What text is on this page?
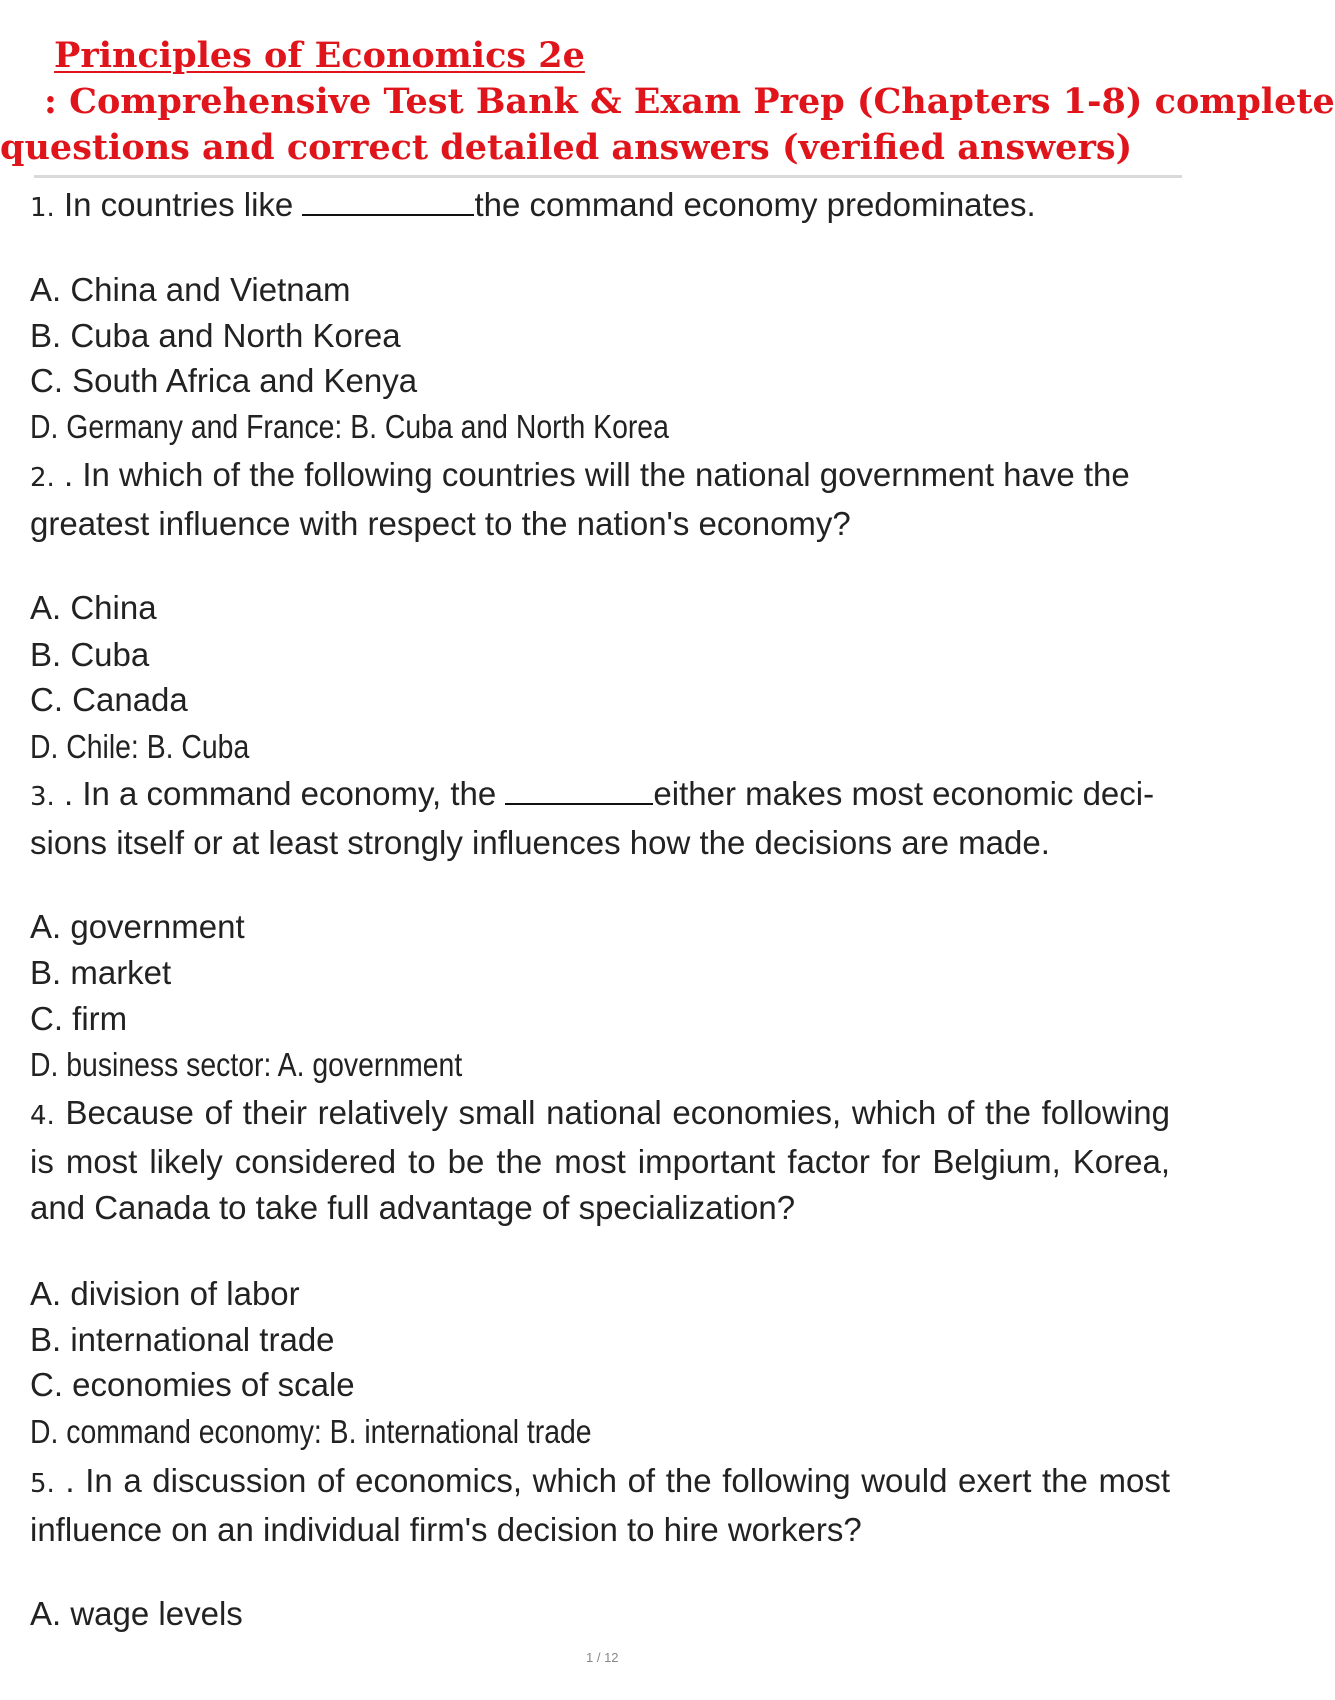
Principles of Economics 2e
: Comprehensive Test Bank & Exam Prep (Chapters 1-8) complete
questions and correct detailed answers (verified answers)
1. In countries like	the command economy predominates.
A. China and Vietnam
B. Cuba and North Korea
C. South Africa and Kenya
D. Germany and France: B. Cuba and North Korea
2. . In which of the following countries will the national government have the greatest influence with respect to the nation's economy?
A. China
B. Cuba
C. Canada
D. Chile: B. Cuba
3. . In a command economy, the	either makes most economic deci- sions itself or at least strongly influences how the decisions are made.
A. government
B. market
C. firm
D. business sector: A. government
4. Because of their relatively small national economies, which of the following is most likely considered to be the most important factor for Belgium, Korea, and Canada to take full advantage of specialization?
A. division of labor
B. international trade
C. economies of scale
D. command economy: B. international trade
5. . In a discussion of economics, which of the following would exert the most influence on an individual firm's decision to hire workers?
A. wage levels
1 / 12
